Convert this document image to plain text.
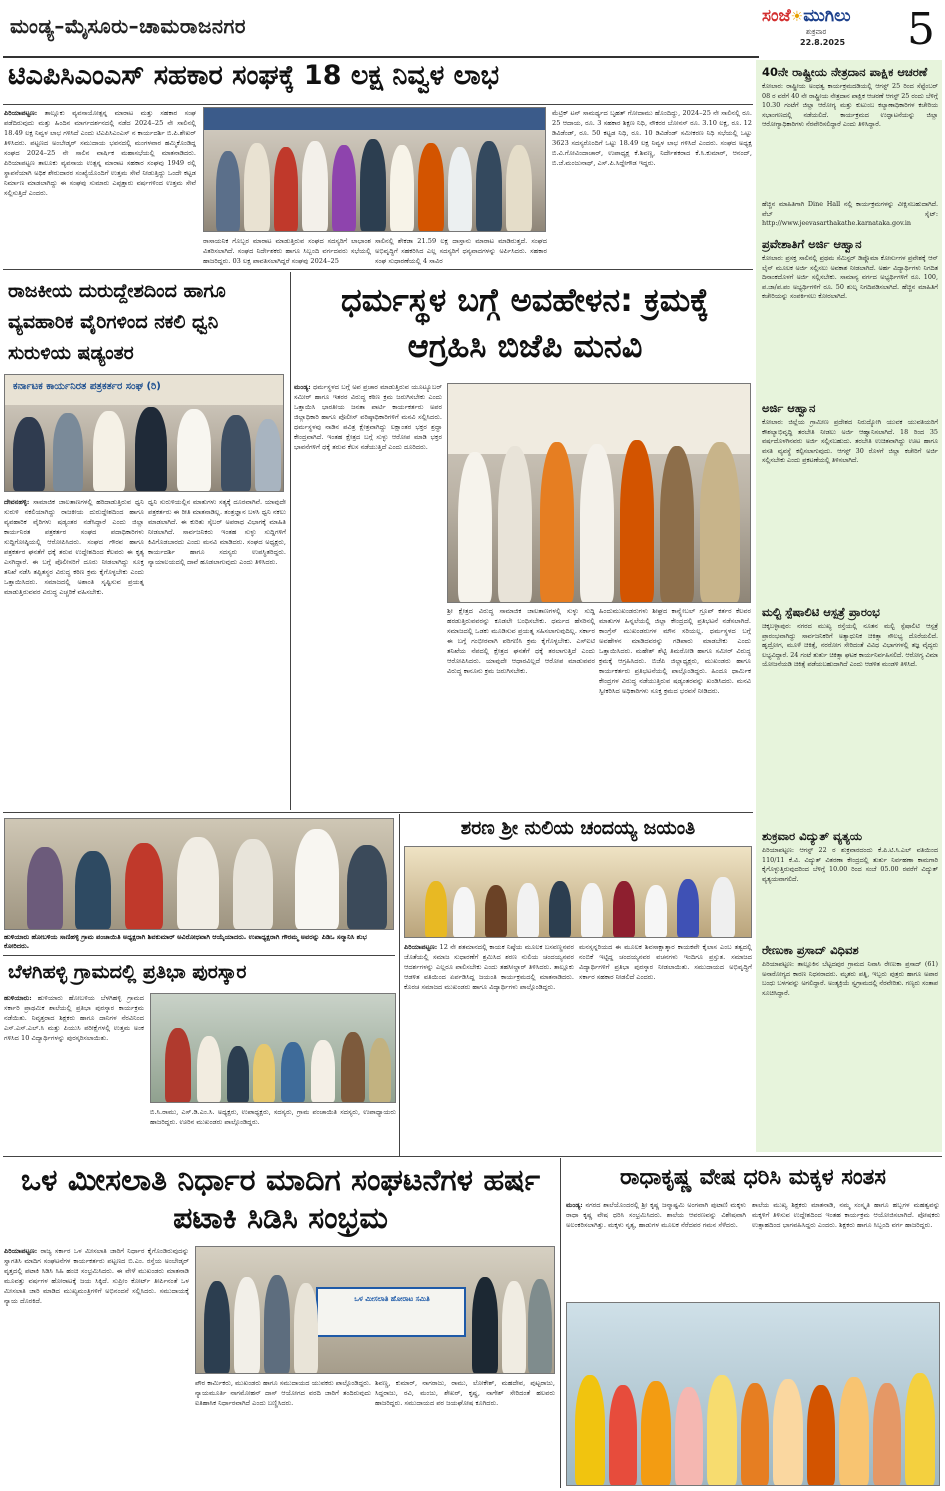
ಮಂಡ್ಯ–ಮೈಸೂರು–ಚಾಮರಾಜನಗರ	ಸಂಜೆ☀ಮುಗಿಲು
ಶುಕ್ರವಾರ
22.8.2025 5
ಟಿಎಪಿಸಿಎಂಎಸ್ ಸಹಕಾರ ಸಂಘಕ್ಕೆ 18 ಲಕ್ಷ ನಿವ್ವಳ ಲಾಭ
ಪಿರಿಯಾಪಟ್ಟಣ: ತಾಲ್ಲೂಕು ವ್ಯವಸಾಯೋತ್ಪನ್ನ ಮಾರಾಟ ಮತ್ತು ಸಹಕಾರ ಸಂಘ ಪಡೆದಿರುವುದು ಮತ್ತು ಹಿಂದಿನ ಮಾರ್ಗದರ್ಶನದಲ್ಲಿ ನಡೆದ 2024–25 ನೇ ಸಾಲಿನಲ್ಲಿ 18.49 ಲಕ್ಷ ನಿವ್ವಳ ಲಾಭ ಗಳಿಸಿದೆ ಎಂದು ಟಿಎಪಿಸಿಎಂಎಸ್ ನ ಕಾರ್ಯದರ್ಶಿ ಬಿ.ಪಿ.ಶೇಖರ್ ತಿಳಿಸಿದರು. ಪಟ್ಟಣದ ಅಂಬೇಡ್ಕರ್ ಸಮುದಾಯ ಭವನದಲ್ಲಿ ಮಂಗಳವಾರ ಹಮ್ಮಿಕೊಂಡಿದ್ದ ಸಂಘದ 2024–25 ನೇ ಸಾಲಿನ ವಾರ್ಷಿಕ ಮಹಾಸಭೆಯಲ್ಲಿ ಮಾತನಾಡಿದರು. ಪಿರಿಯಾಪಟ್ಟಣ ತಾಲೂಕು ವ್ಯವಸಾಯ ಉತ್ಪನ್ನ ಮಾರಾಟ ಸಹಕಾರ ಸಂಘವು 1949 ರಲ್ಲಿ ಸ್ಥಾಪನೆಯಾಗಿ ಅಧಿಕ ಶೇರುದಾರರ ಸಂಖ್ಯೆಯೊಂದಿಗೆ ಉತ್ತಮ ಸೇವೆ ನೀಡುತ್ತಿದ್ದು ಒಂದೇ ಕಟ್ಟಡ ನಿರ್ಮಾಣ ಮಾಡಲಾಗಿದ್ದು ಈ ಸಂಘವು ಸುಮಾರು ಎಪ್ಪತ್ತಾರು ವರ್ಷಗಳಿಂದ ಉತ್ತಮ ಸೇವೆ ಸಲ್ಲಿಸುತ್ತಿದೆ ಎಂದರು.
ರಾಸಾಯನಿಕ ಗೊಬ್ಬರ ಮಾರಾಟ ಮಾಡುತ್ತಿರುವ ಸಂಘದ ಸದಸ್ಯರಿಗೆ ಲಾಭಾಂಶ ವಿತರಿಸಲಾಗಿದೆ. ಸಂಘದ ನಿರ್ದೇಶಕರು ಹಾಗೂ ಸಿಬ್ಬಂದಿ ವರ್ಗದವರು ಸಭೆಯಲ್ಲಿ ಹಾಜರಿದ್ದರು. 03 ಲಕ್ಷ ಪಾವತಿಸಲಾಗಿದ್ದರೆ ಸಂಘವು 2024–25
ಸಾಲಿನಲ್ಲಿ ಶೇಕಡಾ 21.59 ಲಕ್ಷ ದಾಸ್ತಾನು ಮಾರಾಟ ಮಾಡಿರುತ್ತದೆ. ಸಂಘದ ಅಭಿವೃದ್ಧಿಗೆ ಸಹಕರಿಸಿದ ಎಲ್ಲ ಸದಸ್ಯರಿಗೆ ಧನ್ಯವಾದಗಳನ್ನು ಅರ್ಪಿಸಿದರು. ಸಹಕಾರ ಸಂಘ ಸುಧಾರಣೆಯಲ್ಲಿ 4 ಸಾವಿರ
ಮೆಟ್ರಿಕ್ ಟನ್ ಸಾಮರ್ಥ್ಯದ ಬೃಹತ್ ಗೋದಾಮು ಹೊಂದಿದ್ದು, 2024–25 ನೇ ಸಾಲಿನಲ್ಲಿ ರೂ. 25 ಆದಾಯ, ರೂ. 3 ಸಹಕಾರ ಶಿಕ್ಷಣ ನಿಧಿ, ನೌಕರರ ಬೋನಸ್ ರೂ. 3.10 ಲಕ್ಷ, ರೂ. 12 ಡಿವಿಡೆಂಡ್, ರೂ. 50 ಕಟ್ಟಡ ನಿಧಿ, ರೂ. 10 ಡಿವಿಡೆಂಡ್ ಸಮೀಕರಣ ನಿಧಿ ಸಭೆಯಲ್ಲಿ ಒಟ್ಟು 3623 ಸದಸ್ಯರೊಂದಿಗೆ ಒಟ್ಟು 18.49 ಲಕ್ಷ ನಿವ್ವಳ ಲಾಭ ಗಳಿಸಿದೆ ಎಂದರು. ಸಂಘದ ಅಧ್ಯಕ್ಷ ಬಿ.ವಿ.ಗೋವಿಂದಾಚಾರ್, ಉಪಾಧ್ಯಕ್ಷ ಕೆ.ಶಿವಣ್ಣ, ನಿರ್ದೇಶಕರಾದ ಕೆ.ಸಿ.ಕುಮಾರ್, ಆನಂದ್, ಬಿ.ಜೆ.ಮಂಜುನಾಥ್, ಎಸ್.ಪಿ.ಸಿದ್ದೇಗೌಡ ಇದ್ದರು.
ರಾಜಕೀಯ ದುರುದ್ದೇಶದಿಂದ ಹಾಗೂ ವ್ಯವಹಾರಿಕ ವೈರಿಗಳಿಂದ ನಕಲಿ ಧ್ವನಿ ಸುರುಳಿಯ ಷಡ್ಯಂತರ
ಕರ್ನಾಟಕ ಕಾರ್ಯನಿರತ ಪತ್ರಕರ್ತರ ಸಂಘ (ರಿ)
ದೇವನಹಳ್ಳಿ: ಸಾಮಾಜಿಕ ಜಾಲತಾಣಗಳಲ್ಲಿ ಹರಿದಾಡುತ್ತಿರುವ ಧ್ವನಿ ಸುರುಳಿ ನಕಲಿಯಾಗಿದ್ದು ರಾಜಕೀಯ ದುರುದ್ದೇಶದಿಂದ ಹಾಗೂ ವ್ಯವಹಾರಿಕ ವೈರಿಗಳು ಷಡ್ಯಂತರ ನಡೆಸಿದ್ದಾರೆ ಎಂದು ಜಿಲ್ಲಾ ಕಾರ್ಯನಿರತ ಪತ್ರಕರ್ತರ ಸಂಘದ ಪದಾಧಿಕಾರಿಗಳು ಸುದ್ದಿಗೋಷ್ಠಿಯಲ್ಲಿ ಆರೋಪಿಸಿದರು. ಸಂಘದ ಗೌರವ ಹಾಗೂ ಪತ್ರಕರ್ತರ ಘನತೆಗೆ ಧಕ್ಕೆ ತರುವ ಉದ್ದೇಶದಿಂದ ಕೆಲವರು ಈ ಕೃತ್ಯ ಎಸಗಿದ್ದಾರೆ. ಈ ಬಗ್ಗೆ ಪೊಲೀಸರಿಗೆ ದೂರು ನೀಡಲಾಗಿದ್ದು ಸೂಕ್ತ ತನಿಖೆ ನಡೆಸಿ ತಪ್ಪಿತಸ್ಥರ ವಿರುದ್ಧ ಕಠಿಣ ಕ್ರಮ ಕೈಗೊಳ್ಳಬೇಕು ಎಂದು ಒತ್ತಾಯಿಸಿದರು. ಸಮಾಜದಲ್ಲಿ ಅಶಾಂತಿ ಸೃಷ್ಟಿಸುವ ಪ್ರಯತ್ನ ಮಾಡುತ್ತಿರುವವರ ವಿರುದ್ಧ ಎಚ್ಚರಿಕೆ ವಹಿಸಬೇಕು.
ಧ್ವನಿ ಸುರುಳಿಯಲ್ಲಿನ ಮಾತುಗಳು ಸತ್ಯಕ್ಕೆ ದೂರವಾಗಿವೆ. ಯಾವುದೇ ಪತ್ರಕರ್ತರು ಈ ರೀತಿ ಮಾತನಾಡಿಲ್ಲ. ತಂತ್ರಜ್ಞಾನ ಬಳಸಿ ಧ್ವನಿ ನಕಲು ಮಾಡಲಾಗಿದೆ. ಈ ಕುರಿತು ಸೈಬರ್ ಅಪರಾಧ ವಿಭಾಗಕ್ಕೆ ಮಾಹಿತಿ ನೀಡಲಾಗಿದೆ. ಸಾರ್ವಜನಿಕರು ಇಂತಹ ಸುಳ್ಳು ಸುದ್ದಿಗಳಿಗೆ ಕಿವಿಗೊಡಬಾರದು ಎಂದು ಮನವಿ ಮಾಡಿದರು. ಸಂಘದ ಅಧ್ಯಕ್ಷರು, ಕಾರ್ಯದರ್ಶಿ ಹಾಗೂ ಸದಸ್ಯರು ಉಪಸ್ಥಿತರಿದ್ದರು. ನ್ಯಾಯಾಲಯದಲ್ಲಿ ದಾವೆ ಹೂಡಲಾಗುವುದು ಎಂದು ತಿಳಿಸಿದರು.
ಧರ್ಮಸ್ಥಳ ಬಗ್ಗೆ ಅವಹೇಳನ: ಕ್ರಮಕ್ಕೆ ಆಗ್ರಹಿಸಿ ಬಿಜೆಪಿ ಮನವಿ
ಮಂಡ್ಯ: ಧರ್ಮಸ್ಥಳದ ಬಗ್ಗೆ ಅಪ ಪ್ರಚಾರ ಮಾಡುತ್ತಿರುವ ಯೂಟ್ಯೂಬರ್ ಸಮೀರ್ ಹಾಗೂ ಇತರರ ವಿರುದ್ಧ ಕಠಿಣ ಕ್ರಮ ಜರುಗಿಸಬೇಕು ಎಂದು ಒತ್ತಾಯಿಸಿ ಭಾರತೀಯ ಜನತಾ ಪಾರ್ಟಿ ಕಾರ್ಯಕರ್ತರು ಅಪರ ಜಿಲ್ಲಾಧಿಕಾರಿ ಹಾಗೂ ಪೊಲೀಸ್ ವರಿಷ್ಠಾಧಿಕಾರಿಗಳಿಗೆ ಮನವಿ ಸಲ್ಲಿಸಿದರು. ಧರ್ಮಸ್ಥಳವು ನಾಡಿನ ಪವಿತ್ರ ಕ್ಷೇತ್ರವಾಗಿದ್ದು ಲಕ್ಷಾಂತರ ಭಕ್ತರ ಶ್ರದ್ಧಾ ಕೇಂದ್ರವಾಗಿದೆ. ಇಂತಹ ಕ್ಷೇತ್ರದ ಬಗ್ಗೆ ಸುಳ್ಳು ಆರೋಪ ಮಾಡಿ ಭಕ್ತರ ಭಾವನೆಗಳಿಗೆ ಧಕ್ಕೆ ತರುವ ಕೆಲಸ ನಡೆಯುತ್ತಿದೆ ಎಂದು ದೂರಿದರು.
ಶ್ರೀ ಕ್ಷೇತ್ರದ ವಿರುದ್ಧ ಸಾಮಾಜಿಕ ಜಾಲತಾಣಗಳಲ್ಲಿ ಸುಳ್ಳು ಸುದ್ದಿ ಹರಡುತ್ತಿರುವವರನ್ನು ಕೂಡಲೇ ಬಂಧಿಸಬೇಕು. ಧರ್ಮದ ಹೆಸರಿನಲ್ಲಿ ಸಮಾಜದಲ್ಲಿ ಒಡಕು ಮೂಡಿಸುವ ಪ್ರಯತ್ನ ಸಹಿಸಲಾಗುವುದಿಲ್ಲ. ಸರ್ಕಾರ ಈ ಬಗ್ಗೆ ಗಂಭೀರವಾಗಿ ಪರಿಗಣಿಸಿ ಕ್ರಮ ಕೈಗೊಳ್ಳಬೇಕು. ಎಸ್ಐಟಿ ತನಿಖೆಯ ನೆಪದಲ್ಲಿ ಕ್ಷೇತ್ರದ ಘನತೆಗೆ ಧಕ್ಕೆ ತರಲಾಗುತ್ತಿದೆ ಎಂದು ಆರೋಪಿಸಿದರು. ಯಾವುದೇ ಆಧಾರವಿಲ್ಲದೆ ಆರೋಪ ಮಾಡುವವರ ವಿರುದ್ಧ ಕಾನೂನು ಕ್ರಮ ಜರುಗಿಸಬೇಕು.
ಹಿಂದುಮುಖಂಡರುಗಳು ಶೀಘ್ರದ ಕಾನ್ಸ್ಟೇಬಲ್ ಗ್ರೂಪ್ ಕರ್ತರ ಕೆಲವರ ಮಾತುಗಳ ಹಿನ್ನಲೆಯಲ್ಲಿ ಜಿಲ್ಲಾ ಕೇಂದ್ರದಲ್ಲಿ ಪ್ರತಿಭಟನೆ ನಡೆಸಲಾಗಿದೆ. ಕಾಂಗ್ರೆಸ್ ಮುಖಂಡರುಗಳ ಮೌನ ಸರಿಯಲ್ಲ. ಧರ್ಮಸ್ಥಳದ ಬಗ್ಗೆ ಅವಹೇಳನ ಮಾಡಿದವರನ್ನು ಗಡಿಪಾರು ಮಾಡಬೇಕು ಎಂದು ಒತ್ತಾಯಿಸಿದರು. ಮಹೇಶ್ ಶೆಟ್ಟಿ ತಿಮರೋಡಿ ಹಾಗೂ ಸಮೀರ್ ವಿರುದ್ಧ ಕ್ರಮಕ್ಕೆ ಆಗ್ರಹಿಸಿದರು. ಬಿಜೆಪಿ ಜಿಲ್ಲಾಧ್ಯಕ್ಷರು, ಮುಖಂಡರು ಹಾಗೂ ಕಾರ್ಯಕರ್ತರು ಪ್ರತಿಭಟನೆಯಲ್ಲಿ ಪಾಲ್ಗೊಂಡಿದ್ದರು. ಹಿಂದೂ ಧಾರ್ಮಿಕ ಕೇಂದ್ರಗಳ ವಿರುದ್ಧ ನಡೆಯುತ್ತಿರುವ ಷಡ್ಯಂತರವನ್ನು ಖಂಡಿಸಿದರು. ಮನವಿ ಸ್ವೀಕರಿಸಿದ ಅಧಿಕಾರಿಗಳು ಸೂಕ್ತ ಕ್ರಮದ ಭರವಸೆ ನೀಡಿದರು.
ಹುಳಿಯಾರು ಹೋಬಳಿಯ ಸಾಣಿಹಳ್ಳಿ ಗ್ರಾಮ ಪಂಚಾಯಿತಿ ಅಧ್ಯಕ್ಷರಾಗಿ ಶಿವಕುಮಾರ್ ಅವಿರೋಧವಾಗಿ ಆಯ್ಕೆಯಾದರು. ಉಪಾಧ್ಯಕ್ಷರಾಗಿ ಗೌರಮ್ಮ ಅವರನ್ನು ಪಿಡಿಒ ಸನ್ಮಾನಿಸಿ ಶುಭ ಕೋರಿದರು.
ಬೆಳಗಿಹಳ್ಳಿ ಗ್ರಾಮದಲ್ಲಿ ಪ್ರತಿಭಾ ಪುರಸ್ಕಾರ
ಹುಳಿಯಾರು: ಹುಳಿಯಾರು ಹೋಬಳಿಯ ಬೆಳಗಿಹಳ್ಳಿ ಗ್ರಾಮದ ಸರ್ಕಾರಿ ಪ್ರಾಥಮಿಕ ಶಾಲೆಯಲ್ಲಿ ಪ್ರತಿಭಾ ಪುರಸ್ಕಾರ ಕಾರ್ಯಕ್ರಮ ನಡೆಯಿತು. ನಿವೃತ್ತರಾದ ಶಿಕ್ಷಕರು ಹಾಗೂ ದಾನಿಗಳ ನೆರವಿನಿಂದ ಎಸ್.ಎಸ್.ಎಲ್.ಸಿ ಮತ್ತು ಪಿಯುಸಿ ಪರೀಕ್ಷೆಗಳಲ್ಲಿ ಉತ್ತಮ ಅಂಕ ಗಳಿಸಿದ 10 ವಿದ್ಯಾರ್ಥಿಗಳನ್ನು ಪುರಸ್ಕರಿಸಲಾಯಿತು.
ಬಿ.ಸಿ.ರಾಮು, ಎಸ್.ಡಿ.ಎಂ.ಸಿ. ಅಧ್ಯಕ್ಷರು, ಉಪಾಧ್ಯಕ್ಷರು, ಸದಸ್ಯರು, ಗ್ರಾಮ ಪಂಚಾಯಿತಿ ಸದಸ್ಯರು, ಉಪಾಧ್ಯಾಯರು ಹಾಜರಿದ್ದರು. ಊರಿನ ಮುಖಂಡರು ಪಾಲ್ಗೊಂಡಿದ್ದರು.
ಶರಣ ಶ್ರೀ ನುಲಿಯ ಚಂದಯ್ಯ ಜಯಂತಿ
ಪಿರಿಯಾಪಟ್ಟಣ: 12 ನೇ ಶತಮಾನದಲ್ಲಿ ಕಾಯಕ ನಿಷ್ಠೆಯ ಮೂಲಕ ಬಸವಣ್ಣನವರ ಜೊತೆಯಲ್ಲಿ ಸಮಾಜ ಸುಧಾರಣೆಗೆ ಶ್ರಮಿಸಿದ ಶರಣ ನುಲಿಯ ಚಂದಯ್ಯನವರ ಆದರ್ಶಗಳನ್ನು ಎಲ್ಲರೂ ಪಾಲಿಸಬೇಕು ಎಂದು ತಹಸೀಲ್ದಾರ್ ತಿಳಿಸಿದರು. ತಾಲ್ಲೂಕು ಆಡಳಿತ ವತಿಯಿಂದ ಏರ್ಪಡಿಸಿದ್ದ ಜಯಂತಿ ಕಾರ್ಯಕ್ರಮದಲ್ಲಿ ಮಾತನಾಡಿದರು. ಕೊರಚ ಸಮಾಜದ ಮುಖಂಡರು ಹಾಗೂ ವಿದ್ಯಾರ್ಥಿಗಳು ಪಾಲ್ಗೊಂಡಿದ್ದರು.
ಮನಸ್ಸನ್ನರಿಯದ ಈ ಮೂಲಕ ಶಿವಸಾಕ್ಷಾತ್ಕಾರ ಕಾಯಕವೇ ಕೈಲಾಸ ಎಂಬ ತತ್ವದಲ್ಲಿ ನಂಬಿಕೆ ಇಟ್ಟಿದ್ದ ಚಂದಯ್ಯನವರ ವಚನಗಳು ಇಂದಿಗೂ ಪ್ರಸ್ತುತ. ಸಮಾಜದ ವಿದ್ಯಾರ್ಥಿಗಳಿಗೆ ಪ್ರತಿಭಾ ಪುರಸ್ಕಾರ ನೀಡಲಾಯಿತು. ಸಮುದಾಯದ ಅಭಿವೃದ್ಧಿಗೆ ಸರ್ಕಾರ ಸಹಕಾರ ನೀಡಲಿದೆ ಎಂದರು.
40ನೇ ರಾಷ್ಟ್ರೀಯ ನೇತ್ರದಾನ ಪಾಕ್ಷಿಕ ಆಚರಣೆ
ಕೋಲಾರ: ರಾಷ್ಟ್ರೀಯ ಅಂಧತ್ವ ಕಾರ್ಯಕ್ರಮದಡಿಯಲ್ಲಿ ಆಗಸ್ಟ್ 25 ರಿಂದ ಸೆಪ್ಟೆಂಬರ್ 08 ರ ವರೆಗೆ 40 ನೇ ರಾಷ್ಟ್ರೀಯ ನೇತ್ರದಾನ ಪಾಕ್ಷಿಕ ಆಚರಣೆ ಆಗಸ್ಟ್ 25 ರಂದು ಬೆಳಿಗ್ಗೆ 10.30 ಗಂಟೆಗೆ ಜಿಲ್ಲಾ ಆರೋಗ್ಯ ಮತ್ತು ಕುಟುಂಬ ಕಲ್ಯಾಣಾಧಿಕಾರಿಗಳ ಕಚೇರಿಯ ಸಭಾಂಗಣದಲ್ಲಿ ನಡೆಯಲಿದೆ. ಕಾರ್ಯಕ್ರಮದ ಉದ್ಘಾಟನೆಯನ್ನು ಜಿಲ್ಲಾ ಆರೋಗ್ಯಾಧಿಕಾರಿಗಳು ನೆರವೇರಿಸಲಿದ್ದಾರೆ ಎಂದು ತಿಳಿಸಿದ್ದಾರೆ.
ಹೆಚ್ಚಿನ ಮಾಹಿತಿಗಾಗಿ Dine Hall ನಲ್ಲಿ ಕಾರ್ಯಕ್ರಮಗಳನ್ನು ವೀಕ್ಷಿಸಬಹುದಾಗಿದೆ. ವೆಬ್ ಸೈಟ್: http://www.jeevasarthakathe.karnataka.gov.in
ಪ್ರವೇಶಾತಿಗೆ ಅರ್ಜಿ ಆಹ್ವಾನ
ಕೋಲಾರ: ಪ್ರಸಕ್ತ ಸಾಲಿನಲ್ಲಿ ಪ್ರಥಮ ಸೆಮಿಸ್ಟರ್ ಡಿಪ್ಲೊಮಾ ಕೋರ್ಸುಗಳ ಪ್ರವೇಶಕ್ಕೆ ಆನ್ ಲೈನ್ ಮೂಲಕ ಅರ್ಜಿ ಸಲ್ಲಿಸಲು ಅವಕಾಶ ನೀಡಲಾಗಿದೆ. ಅರ್ಹ ವಿದ್ಯಾರ್ಥಿಗಳು ನಿಗದಿತ ದಿನಾಂಕದೊಳಗೆ ಅರ್ಜಿ ಸಲ್ಲಿಸಬೇಕು. ಸಾಮಾನ್ಯ ವರ್ಗದ ಅಭ್ಯರ್ಥಿಗಳಿಗೆ ರೂ. 100, ಪ.ಜಾ/ಪ.ಪಂ ಅಭ್ಯರ್ಥಿಗಳಿಗೆ ರೂ. 50 ಶುಲ್ಕ ನಿಗದಿಪಡಿಸಲಾಗಿದೆ. ಹೆಚ್ಚಿನ ಮಾಹಿತಿಗೆ ಕಚೇರಿಯನ್ನು ಸಂಪರ್ಕಿಸಲು ಕೋರಲಾಗಿದೆ.
ಅರ್ಜಿ ಆಹ್ವಾನ
ಕೋಲಾರ: ಜಿಲ್ಲೆಯ ಗ್ರಾಮೀಣ ಪ್ರದೇಶದ ನಿರುದ್ಯೋಗಿ ಯುವಕ ಯುವತಿಯರಿಗೆ ಕೌಶಲ್ಯಾಭಿವೃದ್ಧಿ ತರಬೇತಿ ನೀಡಲು ಅರ್ಜಿ ಆಹ್ವಾನಿಸಲಾಗಿದೆ. 18 ರಿಂದ 35 ವರ್ಷದೊಳಗಿನವರು ಅರ್ಜಿ ಸಲ್ಲಿಸಬಹುದು. ತರಬೇತಿ ಉಚಿತವಾಗಿದ್ದು ಊಟ ಹಾಗೂ ವಸತಿ ವ್ಯವಸ್ಥೆ ಕಲ್ಪಿಸಲಾಗುವುದು. ಆಗಸ್ಟ್ 30 ರೊಳಗೆ ಜಿಲ್ಲಾ ಕಚೇರಿಗೆ ಅರ್ಜಿ ಸಲ್ಲಿಸಬೇಕು ಎಂದು ಪ್ರಕಟಣೆಯಲ್ಲಿ ತಿಳಿಸಲಾಗಿದೆ.
ಮಲ್ಟಿ ಸ್ಪೆಷಾಲಿಟಿ ಆಸ್ಪತ್ರೆ ಪ್ರಾರಂಭ
ಚಿಕ್ಕಬಳ್ಳಾಪುರ: ನಗರದ ಮುಖ್ಯ ರಸ್ತೆಯಲ್ಲಿ ನೂತನ ಮಲ್ಟಿ ಸ್ಪೆಷಾಲಿಟಿ ಆಸ್ಪತ್ರೆ ಪ್ರಾರಂಭವಾಗಿದ್ದು ಸಾರ್ವಜನಿಕರಿಗೆ ಅತ್ಯಾಧುನಿಕ ಚಿಕಿತ್ಸಾ ಸೌಲಭ್ಯ ದೊರೆಯಲಿದೆ. ಹೃದ್ರೋಗ, ಮೂಳೆ ಚಿಕಿತ್ಸೆ, ನರರೋಗ ಸೇರಿದಂತೆ ವಿವಿಧ ವಿಭಾಗಗಳಲ್ಲಿ ತಜ್ಞ ವೈದ್ಯರು ಲಭ್ಯವಿದ್ದಾರೆ. 24 ಗಂಟೆ ತುರ್ತು ಚಿಕಿತ್ಸಾ ಘಟಕ ಕಾರ್ಯನಿರ್ವಹಿಸಲಿದೆ. ಆರೋಗ್ಯ ವಿಮಾ ಯೋಜನೆಯಡಿ ಚಿಕಿತ್ಸೆ ಪಡೆಯಬಹುದಾಗಿದೆ ಎಂದು ಆಡಳಿತ ಮಂಡಳಿ ತಿಳಿಸಿದೆ.
ಶುಕ್ರವಾರ ವಿದ್ಯುತ್ ವ್ಯತ್ಯಯ
ಪಿರಿಯಾಪಟ್ಟಣ: ಆಗಸ್ಟ್ 22 ರ ಶುಕ್ರವಾರದಂದು ಕೆ.ಪಿ.ಟಿ.ಸಿ.ಎಲ್ ವತಿಯಿಂದ 110/11 ಕೆ.ವಿ. ವಿದ್ಯುತ್ ವಿತರಣಾ ಕೇಂದ್ರದಲ್ಲಿ ತುರ್ತು ನಿರ್ವಹಣಾ ಕಾಮಗಾರಿ ಕೈಗೊಳ್ಳುತ್ತಿರುವುದರಿಂದ ಬೆಳಿಗ್ಗೆ 10.00 ರಿಂದ ಸಂಜೆ 05.00 ರವರೆಗೆ ವಿದ್ಯುತ್ ವ್ಯತ್ಯಯವಾಗಲಿದೆ.
ರೇಣುಕಾ ಪ್ರಸಾದ್ ವಿಧಿವಶ
ಪಿರಿಯಾಪಟ್ಟಣ: ತಾಲ್ಲೂಕಿನ ಬೆಟ್ಟದಪುರ ಗ್ರಾಮದ ನಿವಾಸಿ ರೇಣುಕಾ ಪ್ರಸಾದ್ (61) ಅನಾರೋಗ್ಯದ ಕಾರಣ ನಿಧನರಾದರು. ಮೃತರು ಪತ್ನಿ, ಇಬ್ಬರು ಪುತ್ರರು ಹಾಗೂ ಅಪಾರ ಬಂಧು ಬಳಗವನ್ನು ಅಗಲಿದ್ದಾರೆ. ಅಂತ್ಯಕ್ರಿಯೆ ಸ್ವಗ್ರಾಮದಲ್ಲಿ ನೆರವೇರಿತು. ಗಣ್ಯರು ಸಂತಾಪ ಸೂಚಿಸಿದ್ದಾರೆ.
ಒಳ ಮೀಸಲಾತಿ ನಿರ್ಧಾರ ಮಾದಿಗ ಸಂಘಟನೆಗಳ ಹರ್ಷ ಪಟಾಕಿ ಸಿಡಿಸಿ ಸಂಭ್ರಮ
ಪಿರಿಯಾಪಟ್ಟಣ: ರಾಜ್ಯ ಸರ್ಕಾರ ಒಳ ಮೀಸಲಾತಿ ಜಾರಿಗೆ ನಿರ್ಧಾರ ಕೈಗೊಂಡಿರುವುದನ್ನು ಸ್ವಾಗತಿಸಿ ಮಾದಿಗ ಸಂಘಟನೆಗಳ ಕಾರ್ಯಕರ್ತರು ಪಟ್ಟಣದ ಬಿ.ಎಂ. ರಸ್ತೆಯ ಅಂಬೇಡ್ಕರ್ ವೃತ್ತದಲ್ಲಿ ಪಟಾಕಿ ಸಿಡಿಸಿ ಸಿಹಿ ಹಂಚಿ ಸಂಭ್ರಮಿಸಿದರು. ಈ ವೇಳೆ ಮುಖಂಡರು ಮಾತನಾಡಿ ಮೂವತ್ತು ವರ್ಷಗಳ ಹೋರಾಟಕ್ಕೆ ಜಯ ಸಿಕ್ಕಿದೆ. ಸುಪ್ರೀಂ ಕೋರ್ಟ್ ತೀರ್ಪಿನಂತೆ ಒಳ ಮೀಸಲಾತಿ ಜಾರಿ ಮಾಡಿದ ಮುಖ್ಯಮಂತ್ರಿಗಳಿಗೆ ಅಭಿನಂದನೆ ಸಲ್ಲಿಸಿದರು. ಸಮುದಾಯಕ್ಕೆ ನ್ಯಾಯ ದೊರಕಿದೆ.	ಒಳ ಮೀಸಲಾತಿ ಹೋರಾಟ ಸಮಿತಿ
ಪೌರ ಕಾರ್ಮಿಕರು, ಮುಖಂಡರು ಹಾಗೂ ಸಮುದಾಯದ ಯುವಕರು ಪಾಲ್ಗೊಂಡಿದ್ದರು. ನ್ಯಾಯಮೂರ್ತಿ ನಾಗಮೋಹನ್ ದಾಸ್ ಆಯೋಗದ ವರದಿ ಜಾರಿಗೆ ತಂದಿರುವುದು ಐತಿಹಾಸಿಕ ನಿರ್ಧಾರವಾಗಿದೆ ಎಂದು ಬಣ್ಣಿಸಿದರು.
ಶಿವಣ್ಣ, ಕುಮಾರ್, ನಾಗರಾಜು, ರಾಮು, ಲೋಕೇಶ್, ಮಹದೇವ, ಪುಟ್ಟರಾಜು, ಸಿದ್ದರಾಜು, ರವಿ, ಮಂಜು, ಶೇಖರ್, ಕೃಷ್ಣ, ನಾಗೇಶ್ ಸೇರಿದಂತೆ ಹಲವರು ಹಾಜರಿದ್ದರು. ಸಮುದಾಯದ ಪರ ಜಯಘೋಷ ಕೂಗಿದರು.
ರಾಧಾಕೃಷ್ಣ ವೇಷ ಧರಿಸಿ ಮಕ್ಕಳ ಸಂತಸ
ಮಂಡ್ಯ: ನಗರದ ಶಾಲೆಯೊಂದರಲ್ಲಿ ಶ್ರೀ ಕೃಷ್ಣ ಜನ್ಮಾಷ್ಟಮಿ ಅಂಗವಾಗಿ ಪುಟಾಣಿ ಮಕ್ಕಳು ರಾಧಾ ಕೃಷ್ಣ ವೇಷ ಧರಿಸಿ ಸಂಭ್ರಮಿಸಿದರು. ಶಾಲೆಯ ಆವರಣವನ್ನು ವಿಶೇಷವಾಗಿ ಅಲಂಕರಿಸಲಾಗಿತ್ತು. ಮಕ್ಕಳು ನೃತ್ಯ, ಹಾಡುಗಳ ಮೂಲಕ ನೆರೆದವರ ಗಮನ ಸೆಳೆದರು.
ಶಾಲೆಯ ಮುಖ್ಯ ಶಿಕ್ಷಕರು ಮಾತನಾಡಿ, ನಮ್ಮ ಸಂಸ್ಕೃತಿ ಹಾಗೂ ಹಬ್ಬಗಳ ಮಹತ್ವವನ್ನು ಮಕ್ಕಳಿಗೆ ತಿಳಿಸುವ ಉದ್ದೇಶದಿಂದ ಇಂತಹ ಕಾರ್ಯಕ್ರಮ ಆಯೋಜಿಸಲಾಗಿದೆ. ಪೋಷಕರು ಉತ್ಸಾಹದಿಂದ ಭಾಗವಹಿಸಿದ್ದರು ಎಂದರು. ಶಿಕ್ಷಕರು ಹಾಗೂ ಸಿಬ್ಬಂದಿ ವರ್ಗ ಹಾಜರಿದ್ದರು.
